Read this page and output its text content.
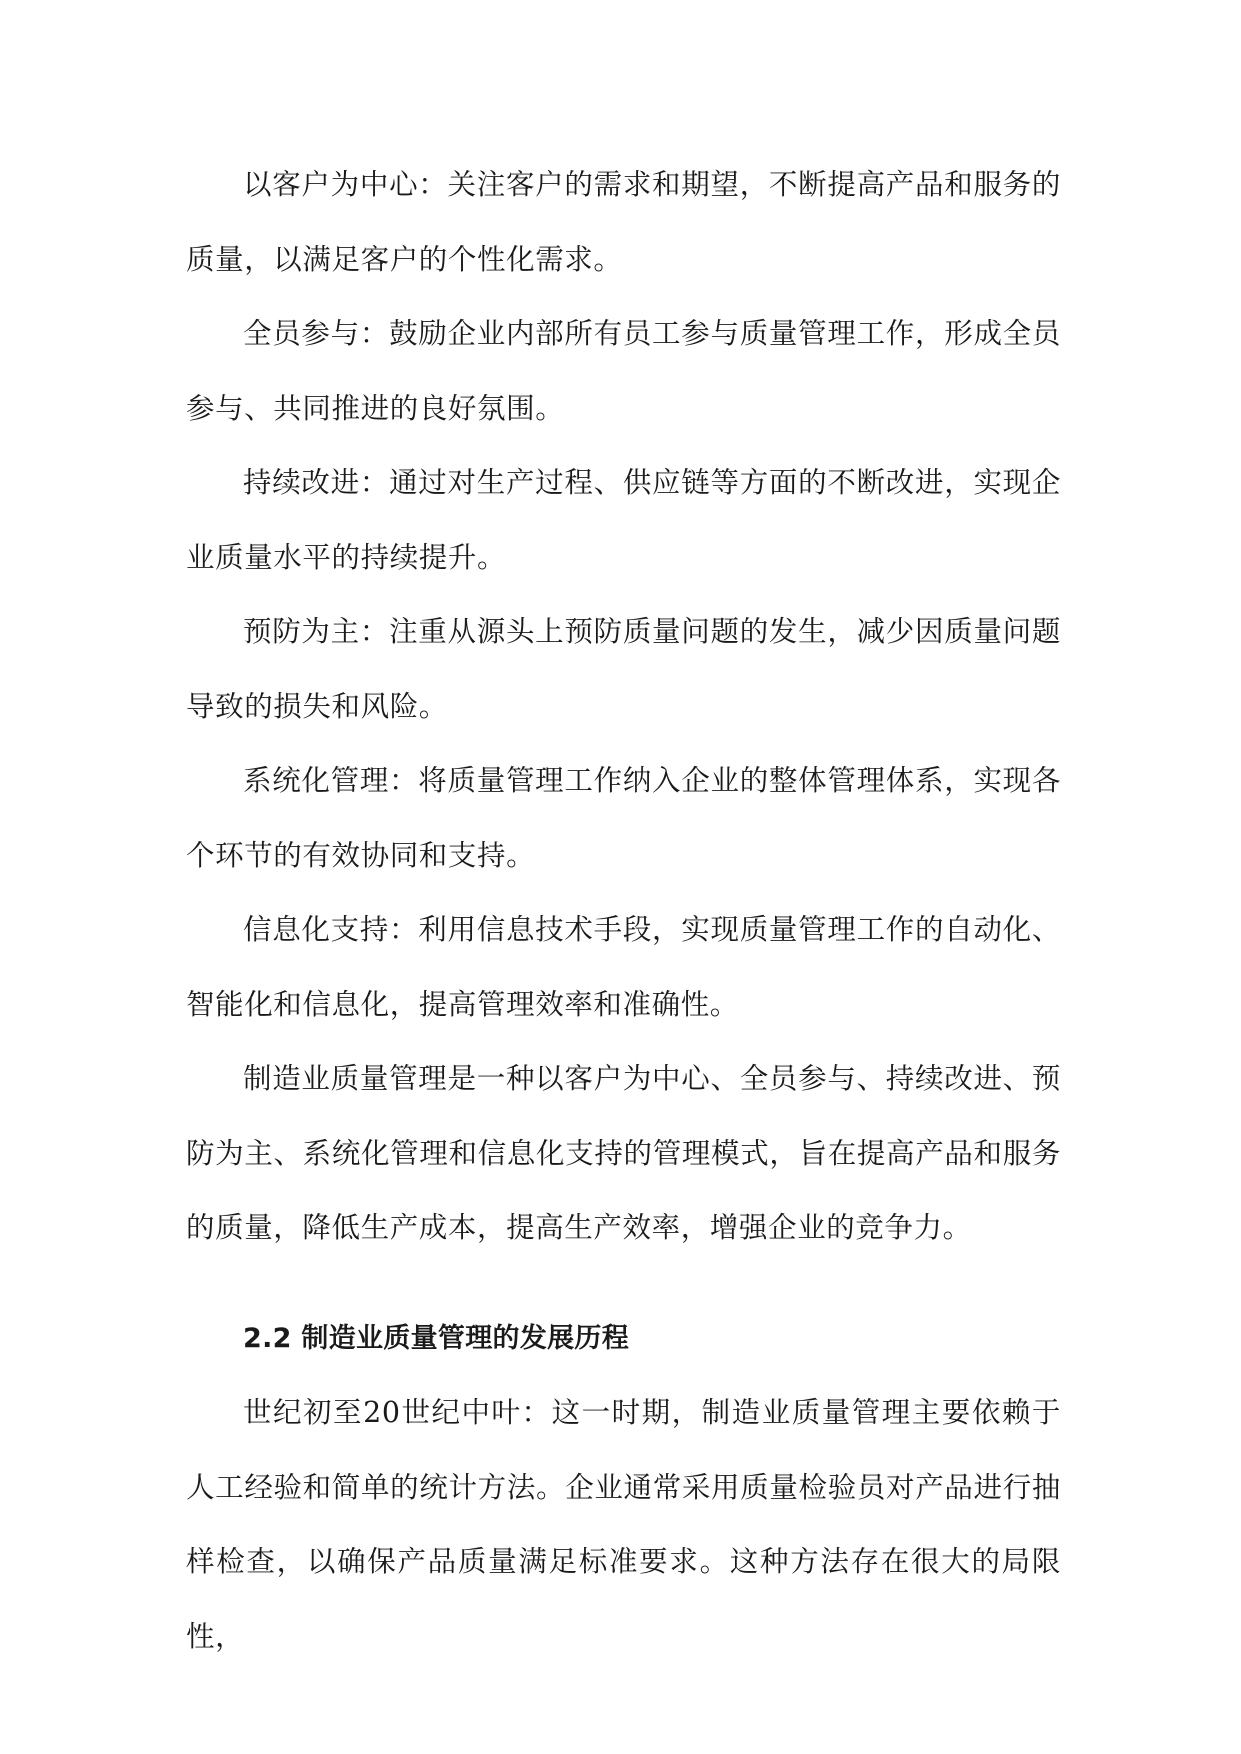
以客户为中心：关注客户的需求和期望，不断提高产品和服务的质量，以满足客户的个性化需求。

全员参与：鼓励企业内部所有员工参与质量管理工作，形成全员参与、共同推进的良好氛围。

持续改进：通过对生产过程、供应链等方面的不断改进，实现企业质量水平的持续提升。

预防为主：注重从源头上预防质量问题的发生，减少因质量问题导致的损失和风险。

系统化管理：将质量管理工作纳入企业的整体管理体系，实现各个环节的有效协同和支持。

信息化支持：利用信息技术手段，实现质量管理工作的自动化、智能化和信息化，提高管理效率和准确性。

制造业质量管理是一种以客户为中心、全员参与、持续改进、预防为主、系统化管理和信息化支持的管理模式，旨在提高产品和服务的质量，降低生产成本，提高生产效率，增强企业的竞争力。

2.2 制造业质量管理的发展历程

世纪初至20世纪中叶：这一时期，制造业质量管理主要依赖于人工经验和简单的统计方法。企业通常采用质量检验员对产品进行抽样检查，以确保产品质量满足标准要求。这种方法存在很大的局限性，
